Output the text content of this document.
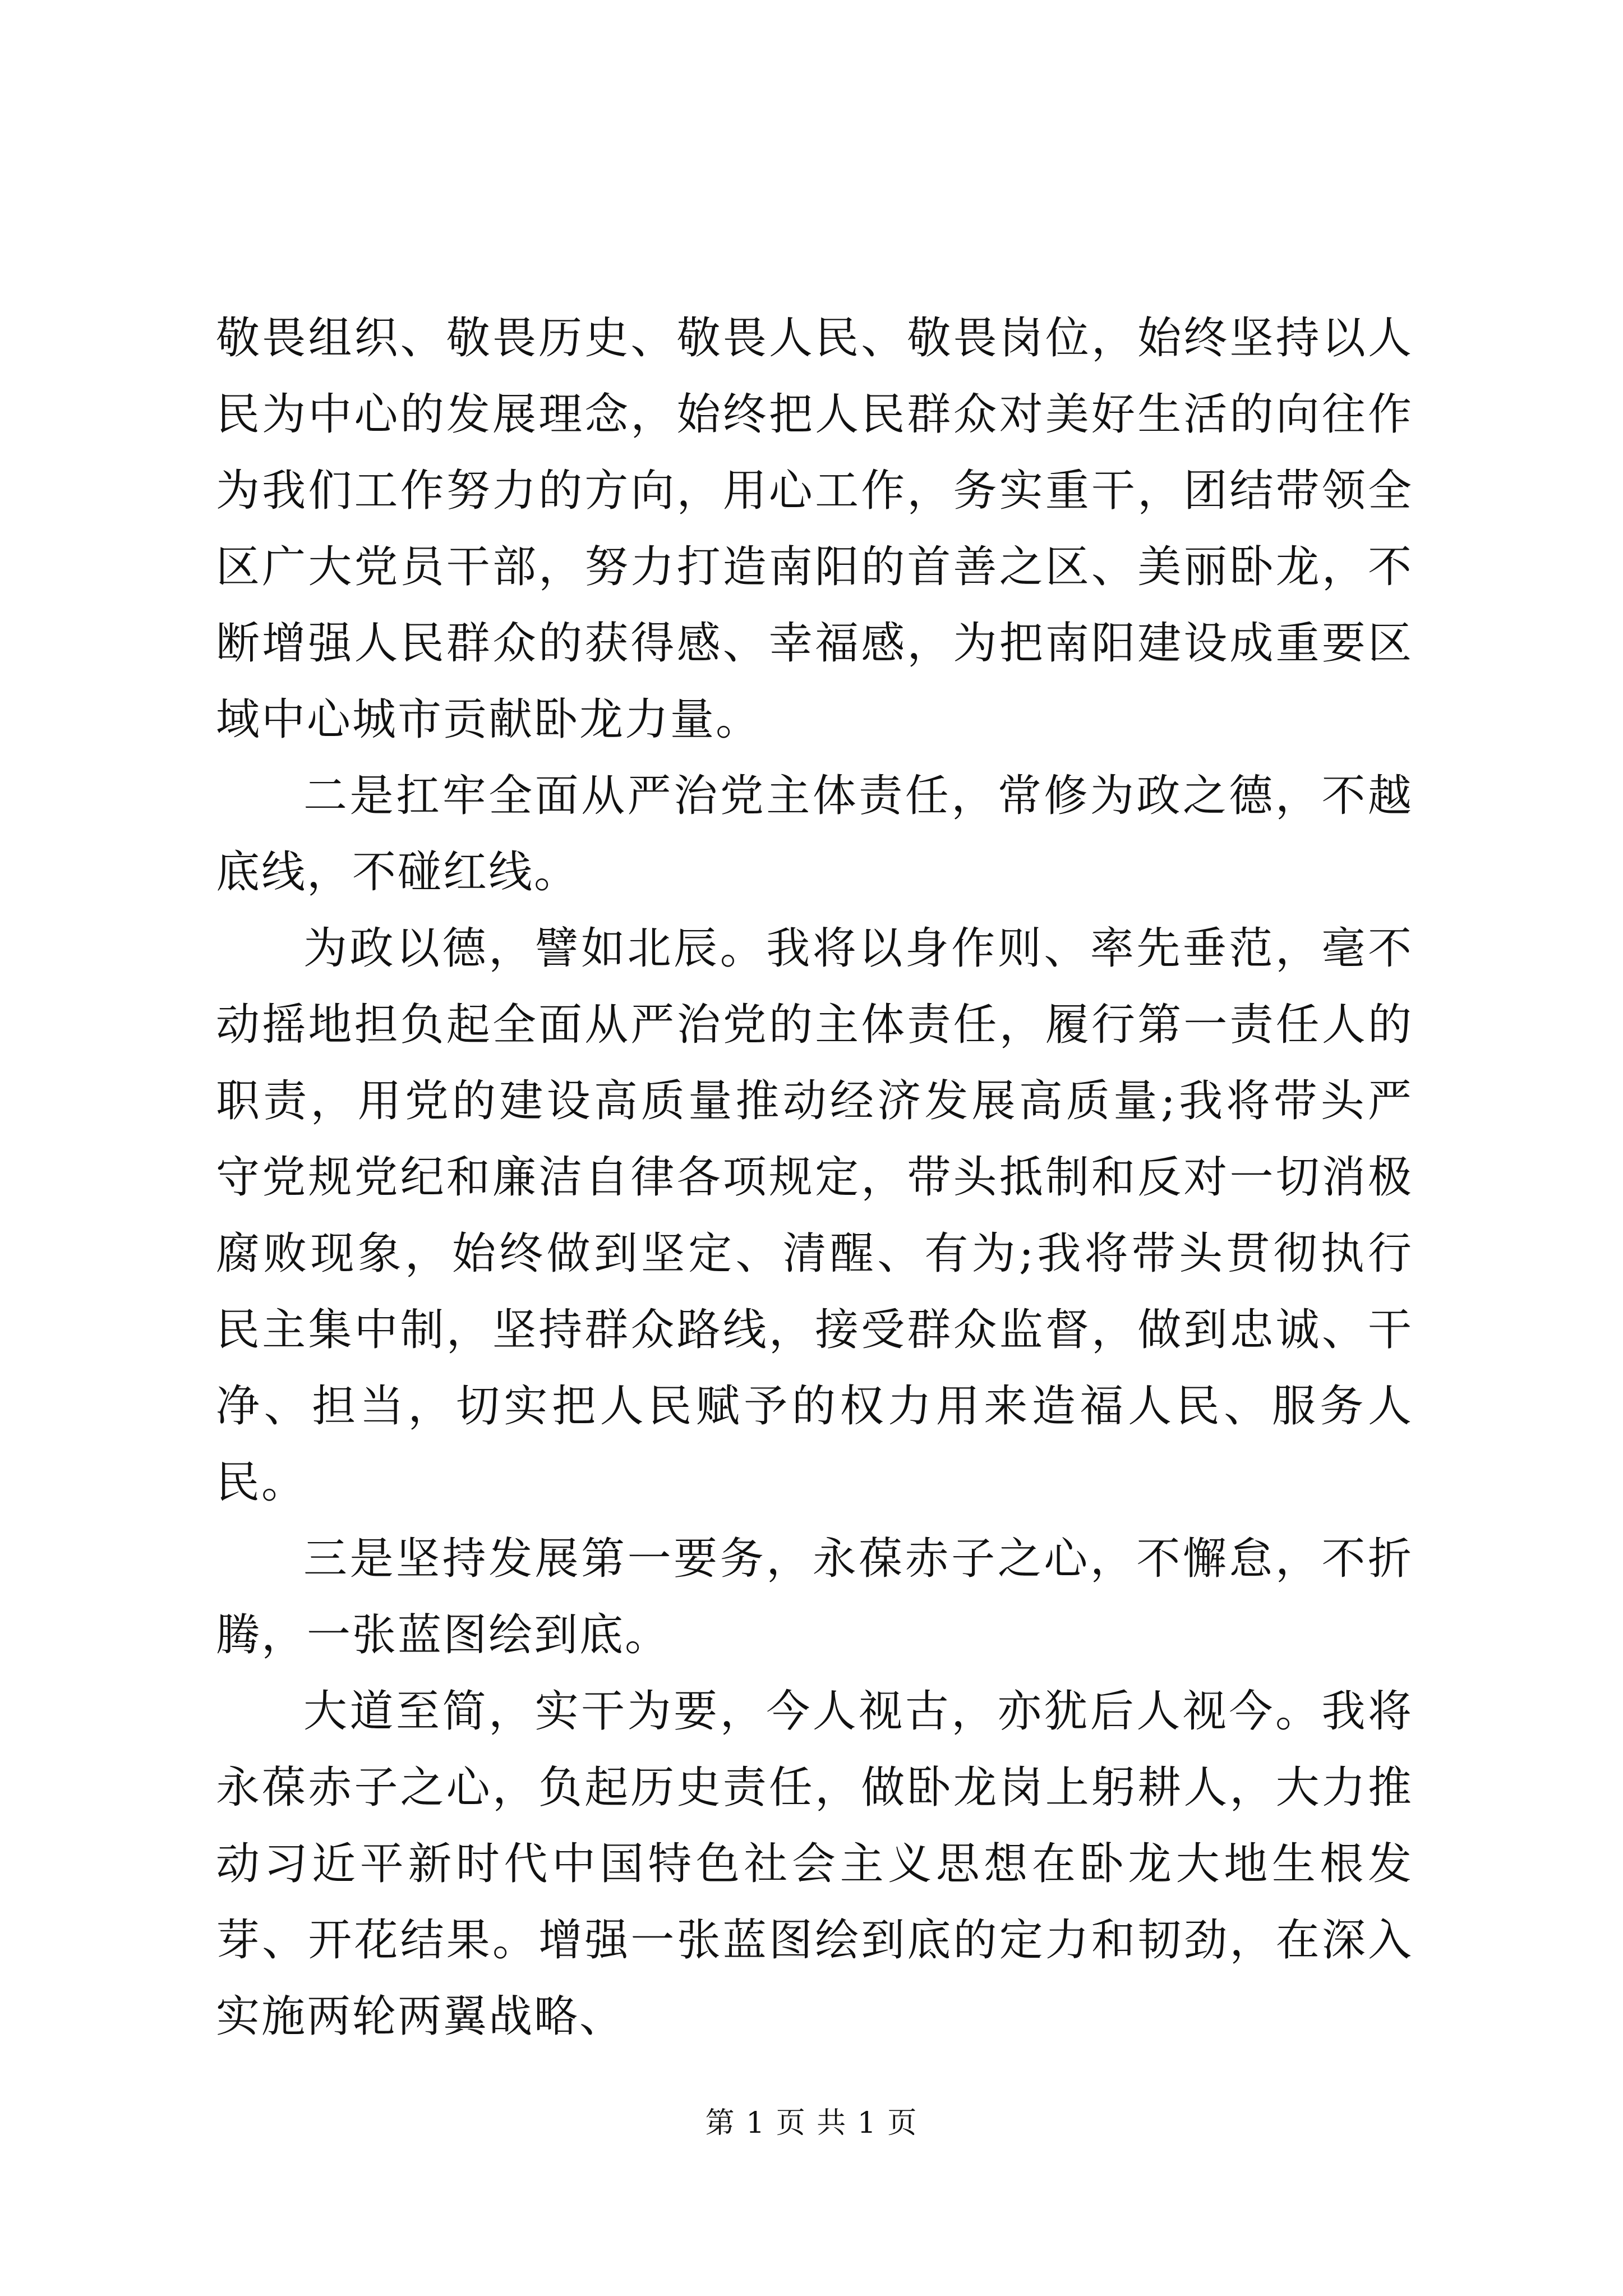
敬畏组织、敬畏历史、敬畏人民、敬畏岗位，始终坚持以人民为中心的发展理念，始终把人民群众对美好生活的向往作为我们工作努力的方向，用心工作，务实重干，团结带领全区广大党员干部，努力打造南阳的首善之区、美丽卧龙，不断增强人民群众的获得感、幸福感，为把南阳建设成重要区域中心城市贡献卧龙力量。

二是扛牢全面从严治党主体责任，常修为政之德，不越底线，不碰红线。

为政以德，譬如北辰。我将以身作则、率先垂范，毫不动摇地担负起全面从严治党的主体责任，履行第一责任人的职责，用党的建设高质量推动经济发展高质量;我将带头严守党规党纪和廉洁自律各项规定，带头抵制和反对一切消极腐败现象，始终做到坚定、清醒、有为;我将带头贯彻执行民主集中制，坚持群众路线，接受群众监督，做到忠诚、干净、担当，切实把人民赋予的权力用来造福人民、服务人民。

三是坚持发展第一要务，永葆赤子之心，不懈怠，不折腾，一张蓝图绘到底。

大道至简，实干为要，今人视古，亦犹后人视今。我将永葆赤子之心，负起历史责任，做卧龙岗上躬耕人，大力推动习近平新时代中国特色社会主义思想在卧龙大地生根发芽、开花结果。增强一张蓝图绘到底的定力和韧劲，在深入实施两轮两翼战略、

第 1 页 共 1 页
